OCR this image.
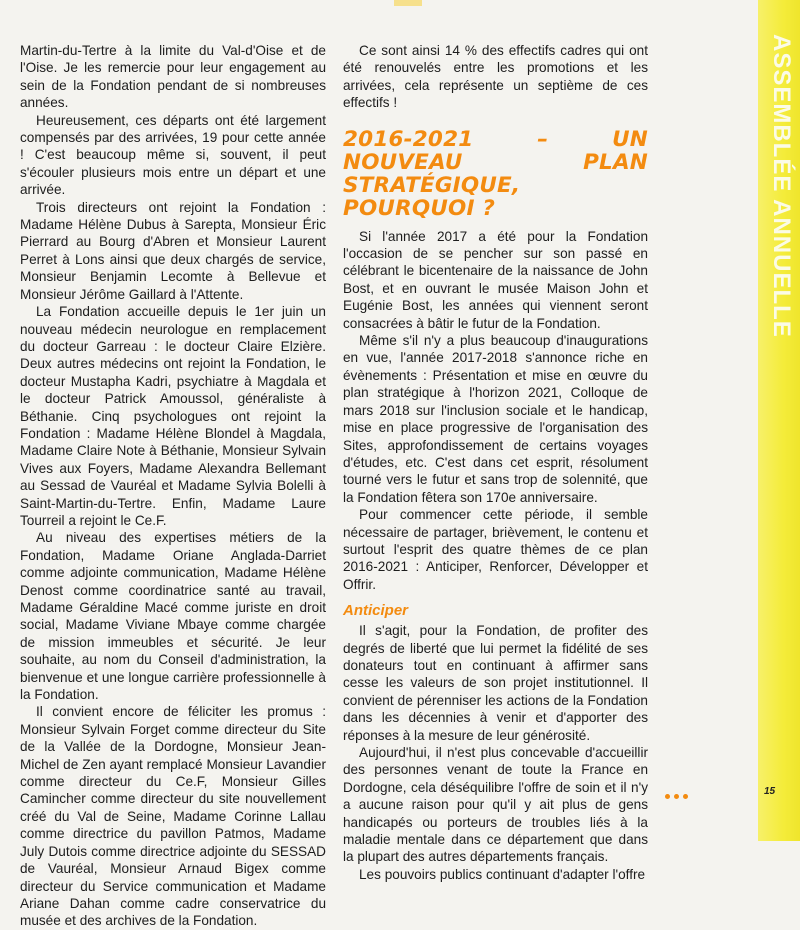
Martin-du-Tertre à la limite du Val-d'Oise et de l'Oise. Je les remercie pour leur engagement au sein de la Fondation pendant de si nombreuses années.

Heureusement, ces départs ont été largement compensés par des arrivées, 19 pour cette année ! C'est beaucoup même si, souvent, il peut s'écouler plusieurs mois entre un départ et une arrivée.

Trois directeurs ont rejoint la Fondation : Madame Hélène Dubus à Sarepta, Monsieur Éric Pierrard au Bourg d'Abren et Monsieur Laurent Perret à Lons ainsi que deux chargés de service, Monsieur Benjamin Lecomte à Bellevue et Monsieur Jérôme Gaillard à l'Attente.

La Fondation accueille depuis le 1er juin un nouveau médecin neurologue en remplacement du docteur Garreau : le docteur Claire Elzière. Deux autres médecins ont rejoint la Fondation, le docteur Mustapha Kadri, psychiatre à Magdala et le docteur Patrick Amoussol, généraliste à Béthanie. Cinq psychologues ont rejoint la Fondation : Madame Hélène Blondel à Magdala, Madame Claire Note à Béthanie, Monsieur Sylvain Vives aux Foyers, Madame Alexandra Bellemant au Sessad de Vauréal et Madame Sylvia Bolelli à Saint-Martin-du-Tertre. Enfin, Madame Laure Tourreil a rejoint le Ce.F.

Au niveau des expertises métiers de la Fondation, Madame Oriane Anglada-Darriet comme adjointe communication, Madame Hélène Denost comme coordinatrice santé au travail, Madame Géraldine Macé comme juriste en droit social, Madame Viviane Mbaye comme chargée de mission immeubles et sécurité. Je leur souhaite, au nom du Conseil d'administration, la bienvenue et une longue carrière professionnelle à la Fondation.

Il convient encore de féliciter les promus : Monsieur Sylvain Forget comme directeur du Site de la Vallée de la Dordogne, Monsieur Jean-Michel de Zen ayant remplacé Monsieur Lavandier comme directeur du Ce.F, Monsieur Gilles Camincher comme directeur du site nouvellement créé du Val de Seine, Madame Corinne Lallau comme directrice du pavillon Patmos, Madame July Dutois comme directrice adjointe du SESSAD de Vauréal, Monsieur Arnaud Bigex comme directeur du Service communication et Madame Ariane Dahan comme cadre conservatrice du musée et des archives de la Fondation.

Ce sont ainsi 14 % des effectifs cadres qui ont été renouvelés entre les promotions et les arrivées, cela représente un septième de ces effectifs !

2016-2021 – UN NOUVEAU PLAN STRATÉGIQUE, POURQUOI ?

Si l'année 2017 a été pour la Fondation l'occasion de se pencher sur son passé en célébrant le bicentenaire de la naissance de John Bost, et en ouvrant le musée Maison John et Eugénie Bost, les années qui viennent seront consacrées à bâtir le futur de la Fondation.

Même s'il n'y a plus beaucoup d'inaugurations en vue, l'année 2017-2018 s'annonce riche en évènements : Présentation et mise en œuvre du plan stratégique à l'horizon 2021, Colloque de mars 2018 sur l'inclusion sociale et le handicap, mise en place progressive de l'organisation des Sites, approfondissement de certains voyages d'études, etc. C'est dans cet esprit, résolument tourné vers le futur et sans trop de solennité, que la Fondation fêtera son 170e anniversaire.

Pour commencer cette période, il semble nécessaire de partager, brièvement, le contenu et surtout l'esprit des quatre thèmes de ce plan 2016-2021 : Anticiper, Renforcer, Développer et Offrir.

Anticiper

Il s'agit, pour la Fondation, de profiter des degrés de liberté que lui permet la fidélité de ses donateurs tout en continuant à affirmer sans cesse les valeurs de son projet institutionnel. Il convient de pérenniser les actions de la Fondation dans les décennies à venir et d'apporter des réponses à la mesure de leur générosité.

Aujourd'hui, il n'est plus concevable d'accueillir des personnes venant de toute la France en Dordogne, cela déséquilibre l'offre de soin et il n'y a aucune raison pour qu'il y ait plus de gens handicapés ou porteurs de troubles liés à la maladie mentale dans ce département que dans la plupart des autres départements français.

Les pouvoirs publics continuant d'adapter l'offre

ASSEMBLÉE ANNUELLE
15
